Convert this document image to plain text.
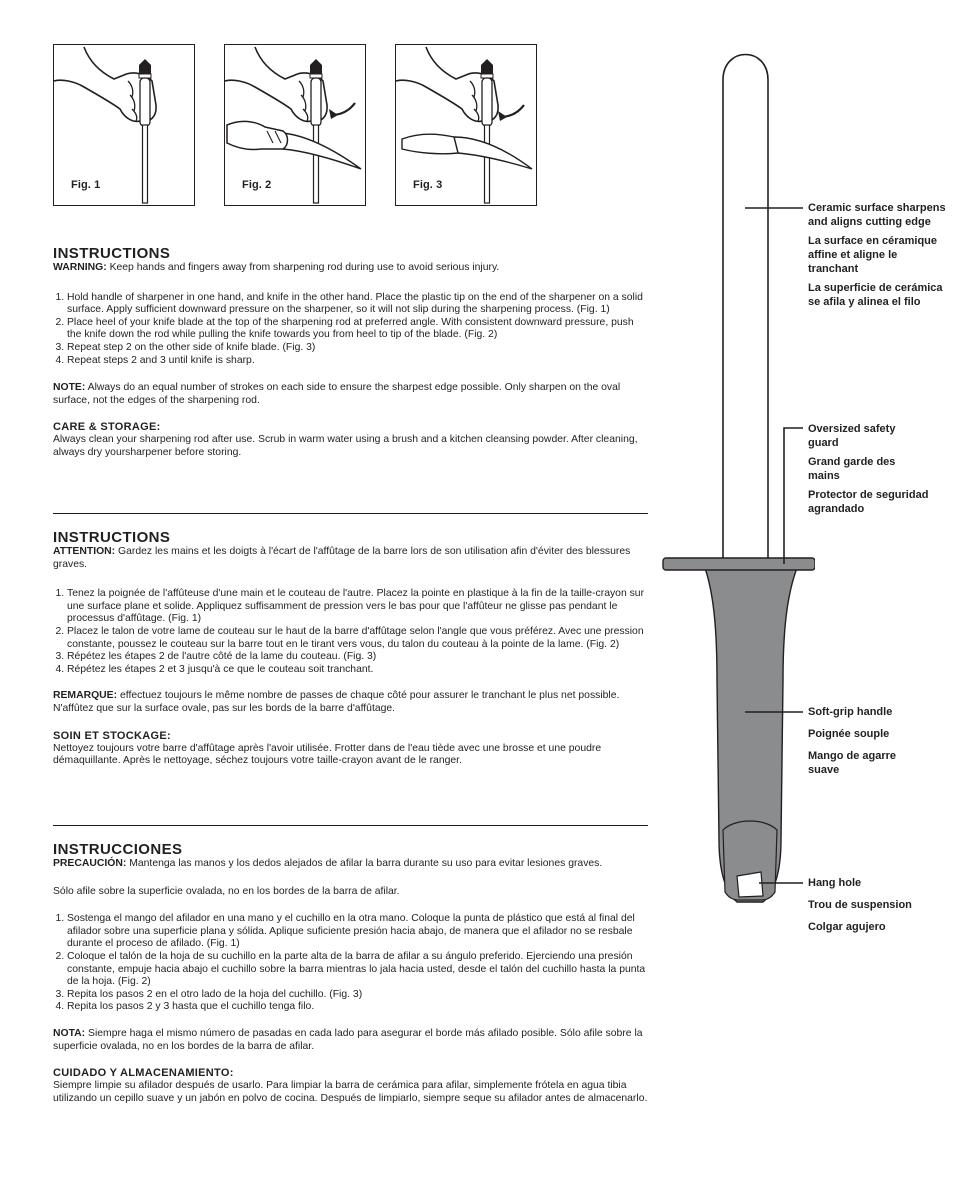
Fig. 1	Fig. 2	Fig. 3

INSTRUCTIONS

WARNING: Keep hands and fingers away from sharpening rod during use to avoid serious injury.

1. Hold handle of sharpener in one hand, and knife in the other hand. Place the plastic tip on the end of the sharpener on a solid surface. Apply sufficient downward pressure on the sharpener, so it will not slip during the sharpening process. (Fig. 1)
2. Place heel of your knife blade at the top of the sharpening rod at preferred angle. With consistent downward pressure, push the knife down the rod while pulling the knife towards you from heel to tip of the blade. (Fig. 2)
3. Repeat step 2 on the other side of knife blade. (Fig. 3)
4. Repeat steps 2 and 3 until knife is sharp.

NOTE: Always do an equal number of strokes on each side to ensure the sharpest edge possible. Only sharpen on the oval surface, not the edges of the sharpening rod.

CARE & STORAGE:

Always clean your sharpening rod after use. Scrub in warm water using a brush and a kitchen cleansing powder. After cleaning, always dry yoursharpener before storing.

INSTRUCTIONS

ATTENTION: Gardez les mains et les doigts à l'écart de l'affûtage de la barre lors de son utilisation afin d'éviter des blessures graves.

1. Tenez la poignée de l'affûteuse d'une main et le couteau de l'autre. Placez la pointe en plastique à la fin de la taille-crayon sur une surface plane et solide. Appliquez suffisamment de pression vers le bas pour que l'affûteur ne glisse pas pendant le processus d'affûtage. (Fig. 1)
2. Placez le talon de votre lame de couteau sur le haut de la barre d'affûtage selon l'angle que vous préférez. Avec une pression constante, poussez le couteau sur la barre tout en le tirant vers vous, du talon du couteau à la pointe de la lame. (Fig. 2)
3. Répétez les étapes 2 de l'autre côté de la lame du couteau. (Fig. 3)
4. Répétez les étapes 2 et 3 jusqu'à ce que le couteau soit tranchant.

REMARQUE: effectuez toujours le même nombre de passes de chaque côté pour assurer le tranchant le plus net possible. N'affûtez que sur la surface ovale, pas sur les bords de la barre d'affûtage.

SOIN ET STOCKAGE:

Nettoyez toujours votre barre d'affûtage après l'avoir utilisée. Frotter dans de l'eau tiède avec une brosse et une poudre démaquillante. Après le nettoyage, séchez toujours votre taille-crayon avant de le ranger.

INSTRUCCIONES

PRECAUCIÓN: Mantenga las manos y los dedos alejados de afilar la barra durante su uso para evitar lesiones graves.

Sólo afile sobre la superficie ovalada, no en los bordes de la barra de afilar.

1. Sostenga el mango del afilador en una mano y el cuchillo en la otra mano. Coloque la punta de plástico que está al final del afilador sobre una superficie plana y sólida. Aplique suficiente presión hacia abajo, de manera que el afilador no se resbale durante el proceso de afilado. (Fig. 1)
2. Coloque el talón de la hoja de su cuchillo en la parte alta de la barra de afilar a su ángulo preferido. Ejerciendo una presión constante, empuje hacia abajo el cuchillo sobre la barra mientras lo jala hacia usted, desde el talón del cuchillo hasta la punta de la hoja. (Fig. 2)
3. Repita los pasos 2 en el otro lado de la hoja del cuchillo. (Fig. 3)
4. Repita los pasos 2 y 3 hasta que el cuchillo tenga filo.

NOTA: Siempre haga el mismo número de pasadas en cada lado para asegurar el borde más afilado posible. Sólo afile sobre la superficie ovalada, no en los bordes de la barra de afilar.

CUIDADO Y ALMACENAMIENTO:

Siempre limpie su afilador después de usarlo. Para limpiar la barra de cerámica para afilar, simplemente frótela en agua tibia utilizando un cepillo suave y un jabón en polvo de cocina. Después de limpiarlo, siempre seque su afilador antes de almacenarlo.

Ceramic surface sharpens and aligns cutting edge

La surface en céramique affine et aligne le tranchant

La superficie de cerámica se afila y alinea el filo

Oversized safety guard

Grand garde des mains

Protector de seguridad agrandado

Soft-grip handle

Poignée souple

Mango de agarre suave

Hang hole

Trou de suspension

Colgar agujero
